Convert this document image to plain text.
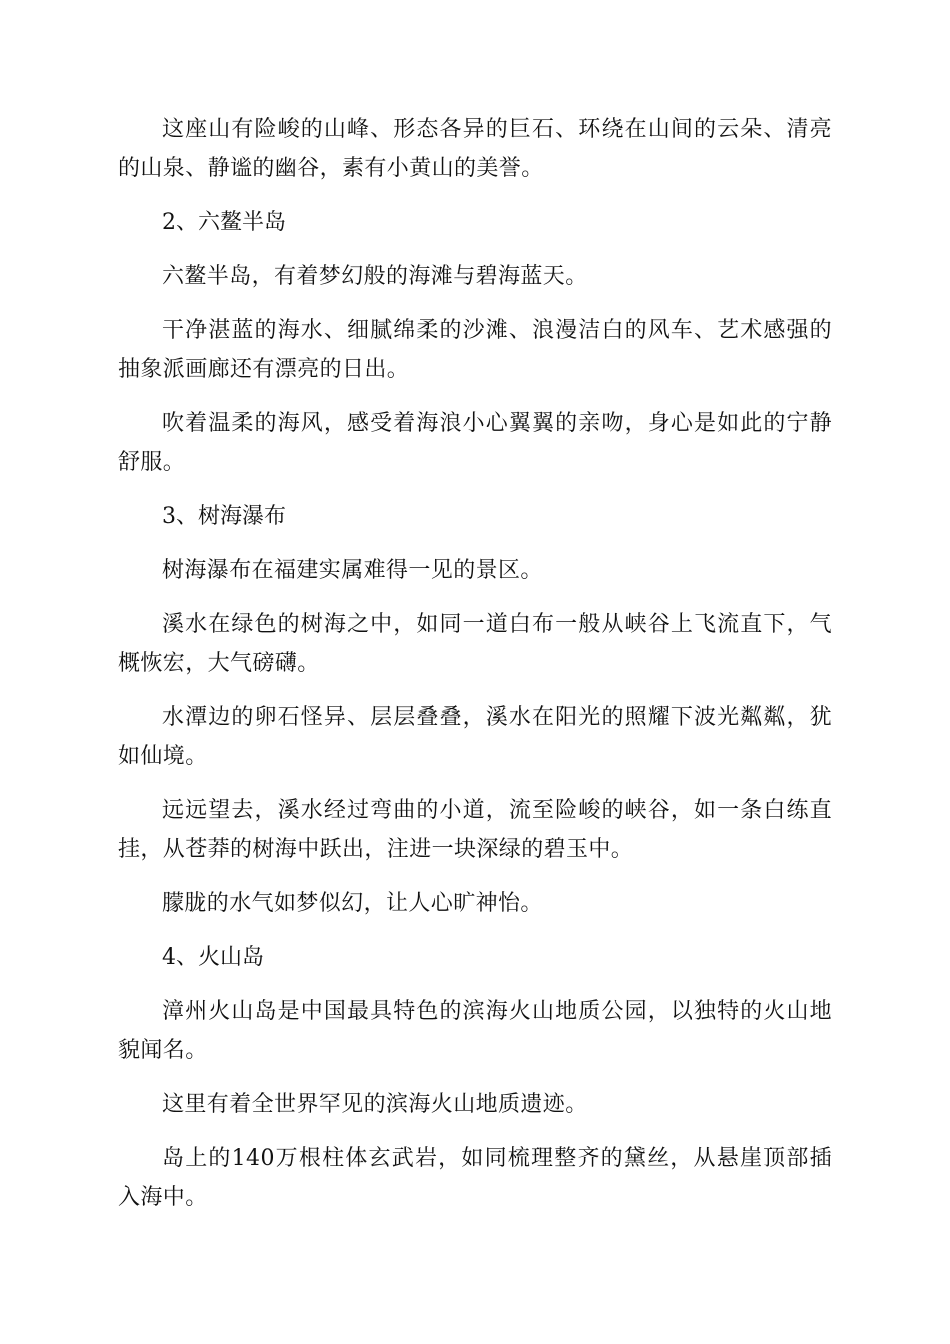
这座山有险峻的山峰、形态各异的巨石、环绕在山间的云朵、清亮的山泉、静谧的幽谷，素有小黄山的美誉。

2、六鳌半岛

六鳌半岛，有着梦幻般的海滩与碧海蓝天。

干净湛蓝的海水、细腻绵柔的沙滩、浪漫洁白的风车、艺术感强的抽象派画廊还有漂亮的日出。

吹着温柔的海风，感受着海浪小心翼翼的亲吻，身心是如此的宁静舒服。

3、树海瀑布

树海瀑布在福建实属难得一见的景区。

溪水在绿色的树海之中，如同一道白布一般从峡谷上飞流直下，气概恢宏，大气磅礴。

水潭边的卵石怪异、层层叠叠，溪水在阳光的照耀下波光粼粼，犹如仙境。

远远望去，溪水经过弯曲的小道，流至险峻的峡谷，如一条白练直挂，从苍莽的树海中跃出，注进一块深绿的碧玉中。

朦胧的水气如梦似幻，让人心旷神怡。

4、火山岛

漳州火山岛是中国最具特色的滨海火山地质公园，以独特的火山地貌闻名。

这里有着全世界罕见的滨海火山地质遗迹。

岛上的140万根柱体玄武岩，如同梳理整齐的黛丝，从悬崖顶部插入海中。
